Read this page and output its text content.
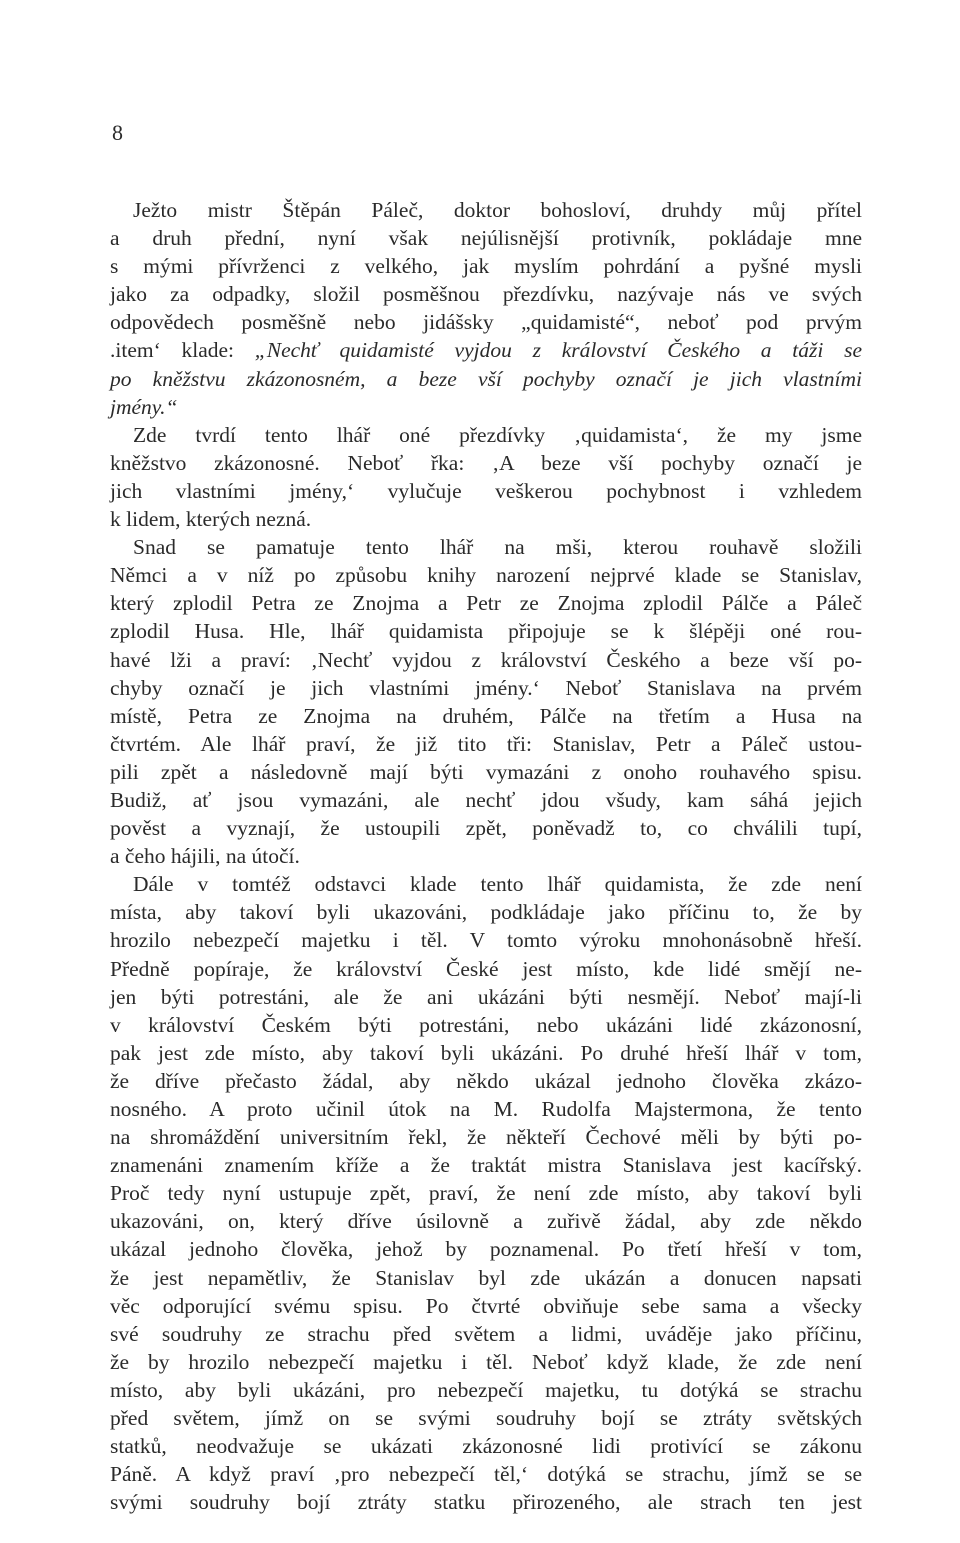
8
Ježto mistr Štěpán Páleč, doktor bohosloví, druhdy můj přítel
a druh přední, nyní však nejúlisnější protivník, pokládaje mne
s mými přívrženci z velkého, jak myslím pohrdání a pyšné mysli
jako za odpadky, složil posměšnou přezdívku, nazývaje nás ve svých
odpovědech posměšně nebo jidášsky „quidamisté“, neboť pod prvým
.item‘ klade: „Nechť quidamisté vyjdou z království Českého a táži se
po kněžstvu zkázonosném, a beze vší pochyby označí je jich vlastními
jmény.“
Zde tvrdí tento lhář oné přezdívky ‚quidamista‘, že my jsme
kněžstvo zkázonosné. Neboť řka: ‚A beze vší pochyby označí je
jich vlastními jmény,‘ vylučuje veškerou pochybnost i vzhledem
k lidem, kterých nezná.
Snad se pamatuje tento lhář na mši, kterou rouhavě složili
Němci a v níž po způsobu knihy narození nejprvé klade se Stanislav,
který zplodil Petra ze Znojma a Petr ze Znojma zplodil Pálče a Páleč
zplodil Husa. Hle, lhář quidamista připojuje se k šlépěji oné rou-
havé lži a praví: ‚Nechť vyjdou z království Českého a beze vší po-
chyby označí je jich vlastními jmény.‘ Neboť Stanislava na prvém
místě, Petra ze Znojma na druhém, Pálče na třetím a Husa na
čtvrtém. Ale lhář praví, že již tito tři: Stanislav, Petr a Páleč ustou-
pili zpět a následovně mají býti vymazáni z onoho rouhavého spisu.
Budiž, ať jsou vymazáni, ale nechť jdou všudy, kam sáhá jejich
pověst a vyznají, že ustoupili zpět, poněvadž to, co chválili tupí,
a čeho hájili, na útočí.
Dále v tomtéž odstavci klade tento lhář quidamista, že zde není
místa, aby takoví byli ukazováni, podkládaje jako příčinu to, že by
hrozilo nebezpečí majetku i těl. V tomto výroku mnohonásobně hřeší.
Předně popíraje, že království České jest místo, kde lidé smějí ne-
jen býti potrestáni, ale že ani ukázáni býti nesmějí. Neboť mají-li
v království Českém býti potrestáni, nebo ukázáni lidé zkázonosní,
pak jest zde místo, aby takoví byli ukázáni. Po druhé hřeší lhář v tom,
že dříve přečasto žádal, aby někdo ukázal jednoho člověka zkázo-
nosného. A proto učinil útok na M. Rudolfa Majstermona, že tento
na shromáždění universitním řekl, že někteří Čechové měli by býti po-
znamenáni znamením kříže a že traktát mistra Stanislava jest kacířský.
Proč tedy nyní ustupuje zpět, praví, že není zde místo, aby takoví byli
ukazováni, on, který dříve úsilovně a zuřivě žádal, aby zde někdo
ukázal jednoho člověka, jehož by poznamenal. Po třetí hřeší v tom,
že jest nepamětliv, že Stanislav byl zde ukázán a donucen napsati
věc odporující svému spisu. Po čtvrté obviňuje sebe sama a všecky
své soudruhy ze strachu před světem a lidmi, uváděje jako příčinu,
že by hrozilo nebezpečí majetku i těl. Neboť když klade, že zde není
místo, aby byli ukázáni, pro nebezpečí majetku, tu dotýká se strachu
před světem, jímž on se svými soudruhy bojí se ztráty světských
statků, neodvažuje se ukázati zkázonosné lidi protivící se zákonu
Páně. A když praví ‚pro nebezpečí těl,‘ dotýká se strachu, jímž se se
svými soudruhy bojí ztráty statku přirozeného, ale strach ten jest
